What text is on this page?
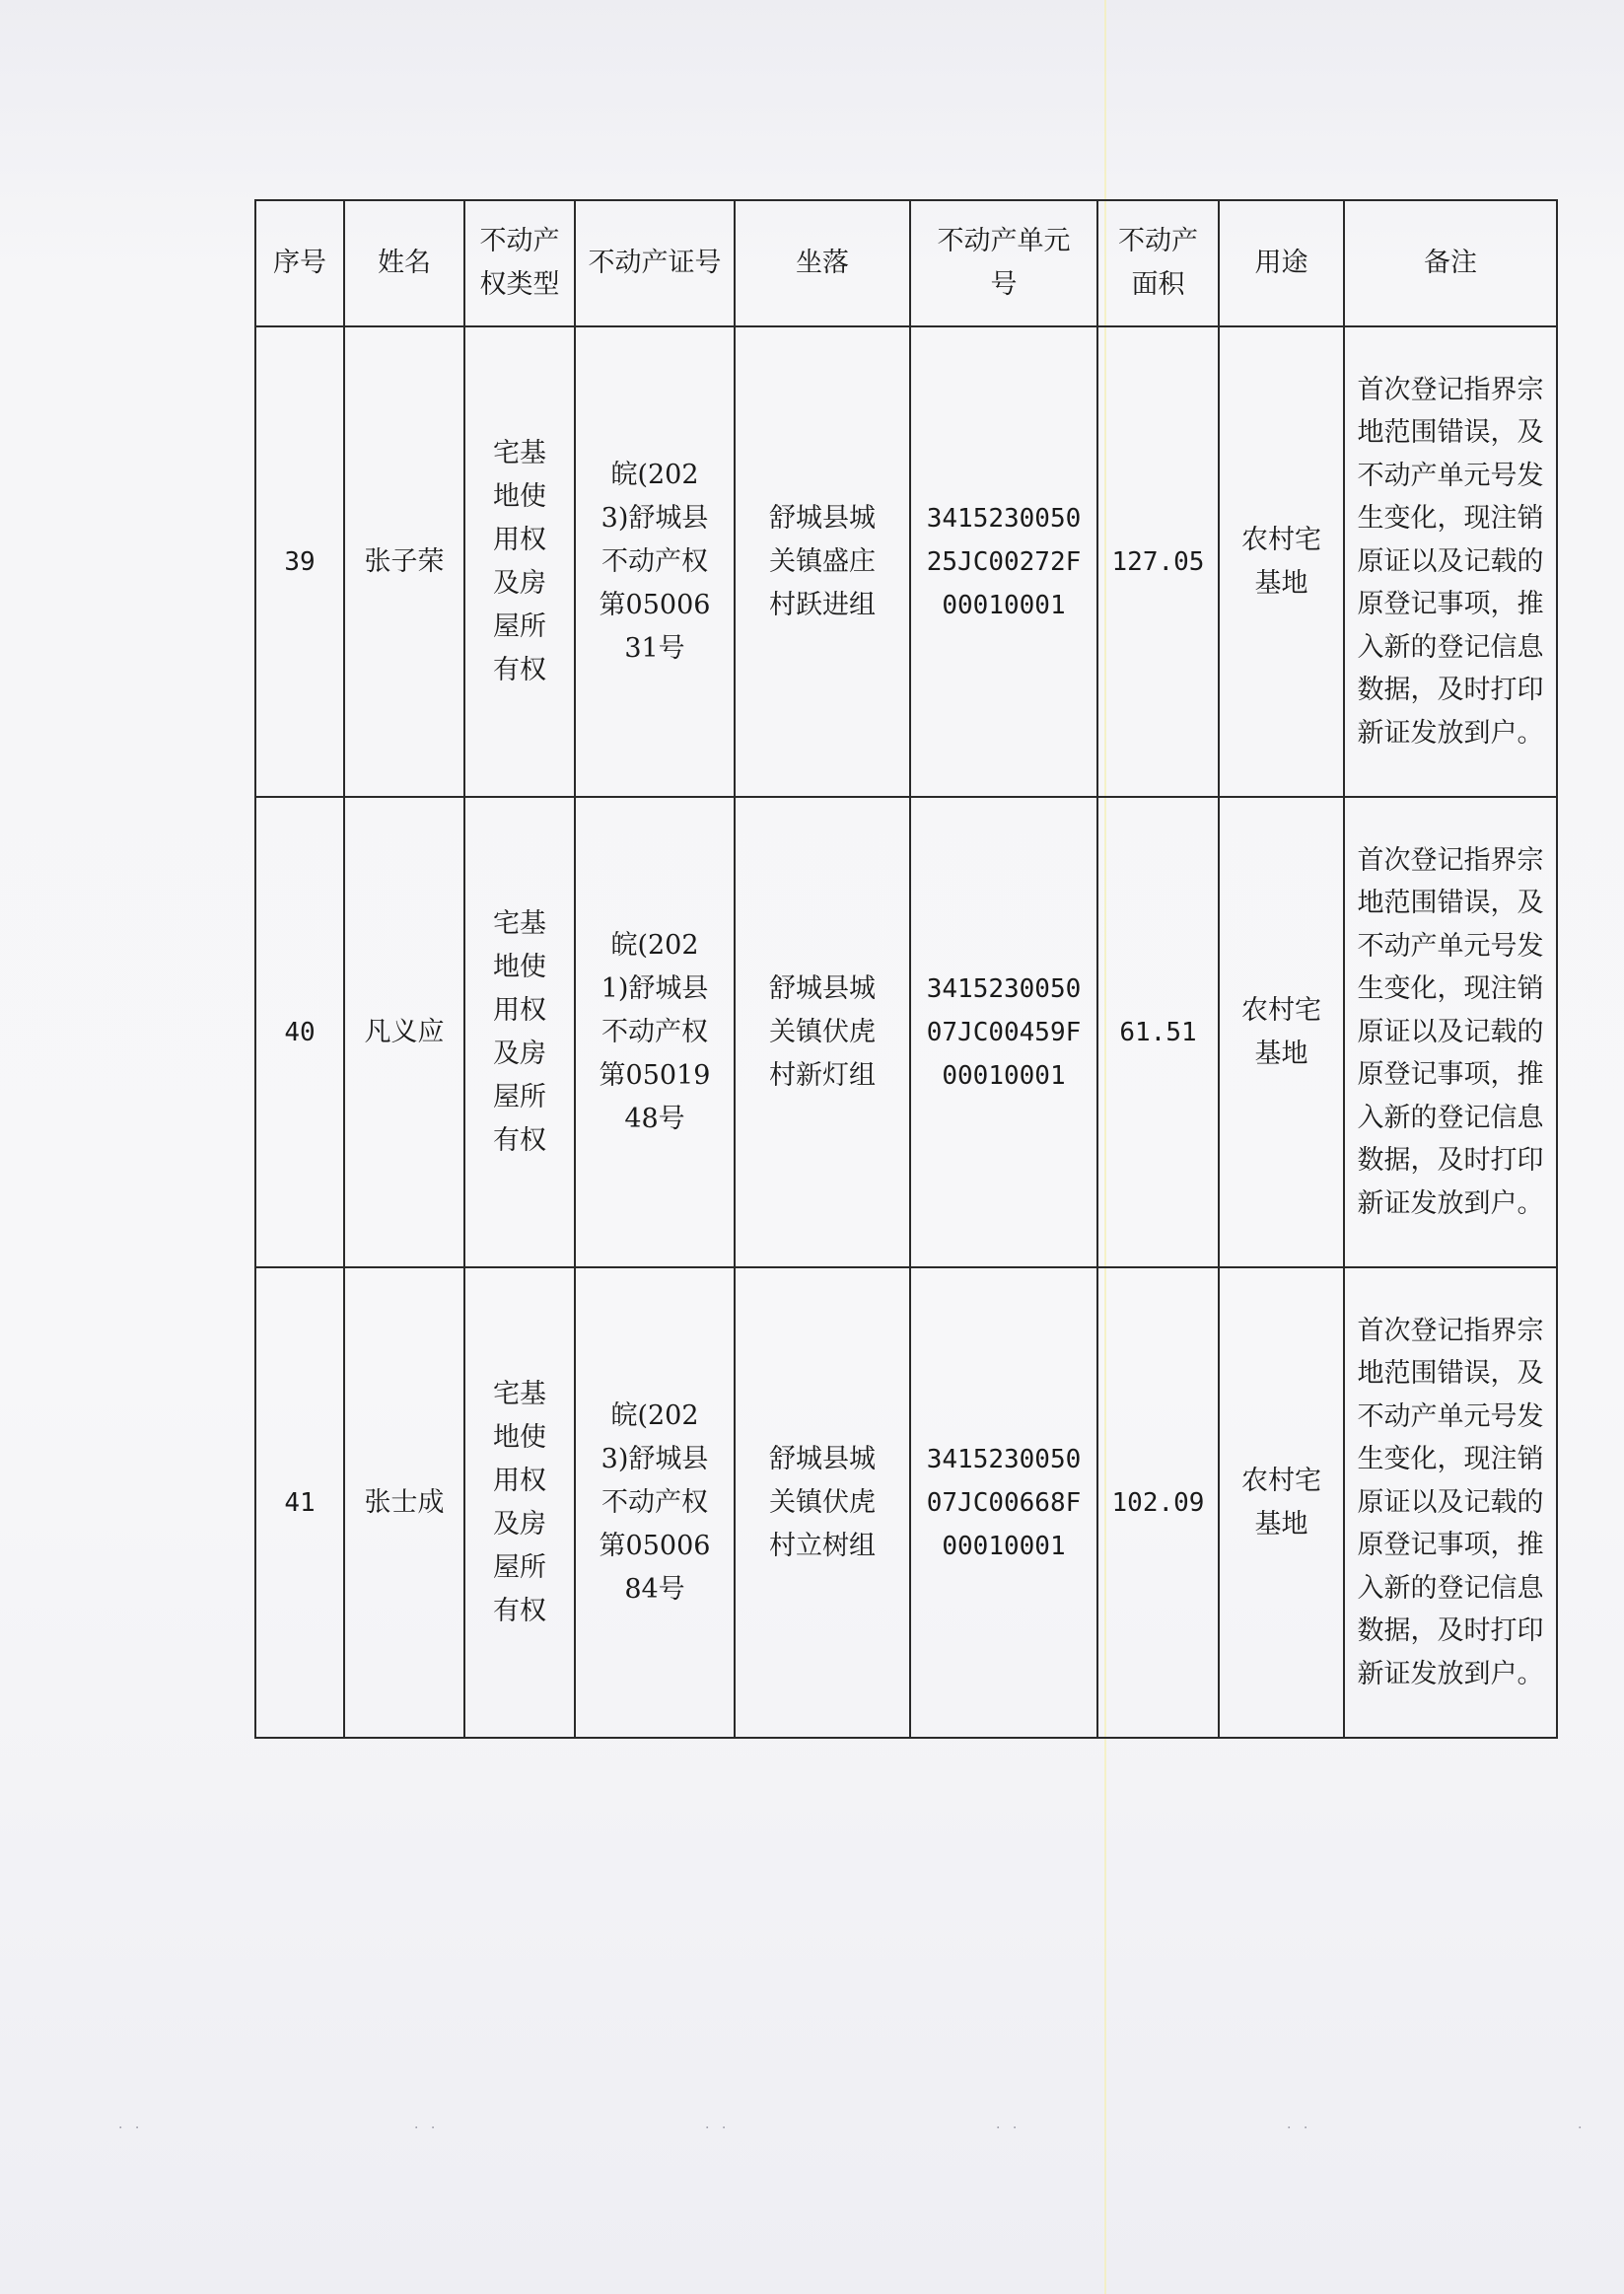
序号	姓名	不动产权类型	不动产证号	坐落	不动产单元号	不动产面积	用途	备注
39	张子荣	宅基地使用权及房屋所有权	皖(2023)舒城县不动产权第0500631号	舒城县城关镇盛庄村跃进组	341523005025JC00272F00010001	127.05	农村宅基地	首次登记指界宗地范围错误，及不动产单元号发生变化，现注销原证以及记载的原登记事项，推入新的登记信息数据，及时打印新证发放到户。
40	凡义应	宅基地使用权及房屋所有权	皖(2021)舒城县不动产权第0501948号	舒城县城关镇伏虎村新灯组	341523005007JC00459F00010001	61.51	农村宅基地	首次登记指界宗地范围错误，及不动产单元号发生变化，现注销原证以及记载的原登记事项，推入新的登记信息数据，及时打印新证发放到户。
41	张士成	宅基地使用权及房屋所有权	皖(2023)舒城县不动产权第0500684号	舒城县城关镇伏虎村立树组	341523005007JC00668F00010001	102.09	农村宅基地	首次登记指界宗地范围错误，及不动产单元号发生变化，现注销原证以及记载的原登记事项，推入新的登记信息数据，及时打印新证发放到户。
· ·	· ·	· ·	· ·	· ·	·
